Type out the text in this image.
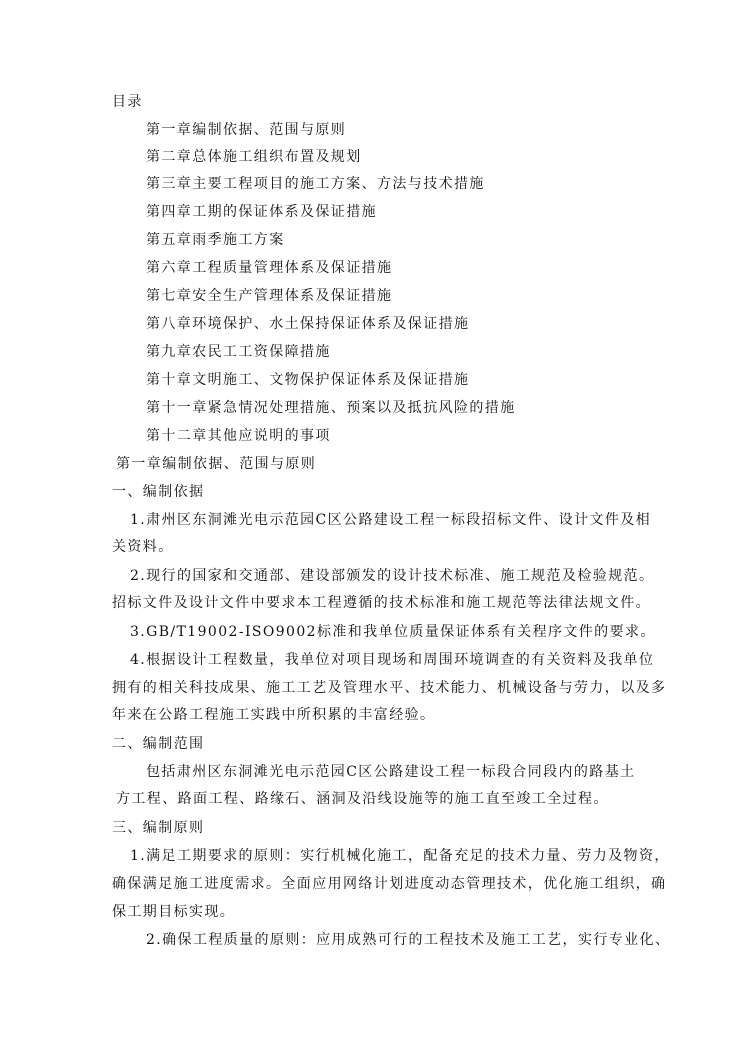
目录
第一章编制依据、范围与原则
第二章总体施工组织布置及规划
第三章主要工程项目的施工方案、方法与技术措施
第四章工期的保证体系及保证措施
第五章雨季施工方案
第六章工程质量管理体系及保证措施
第七章安全生产管理体系及保证措施
第八章环境保护、水土保持保证体系及保证措施
第九章农民工工资保障措施
第十章文明施工、文物保护保证体系及保证措施
第十一章紧急情况处理措施、预案以及抵抗风险的措施
第十二章其他应说明的事项
第一章编制依据、范围与原则
一、编制依据
1.肃州区东洞滩光电示范园C区公路建设工程一标段招标文件、设计文件及相
关资料。
2.现行的国家和交通部、建设部颁发的设计技术标准、施工规范及检验规范。
招标文件及设计文件中要求本工程遵循的技术标准和施工规范等法律法规文件。
3.GB/T19002-ISO9002标准和我单位质量保证体系有关程序文件的要求。
4.根据设计工程数量，我单位对项目现场和周围环境调查的有关资料及我单位
拥有的相关科技成果、施工工艺及管理水平、技术能力、机械设备与劳力，以及多
年来在公路工程施工实践中所积累的丰富经验。
二、编制范围
包括肃州区东洞滩光电示范园C区公路建设工程一标段合同段内的路基土
方工程、路面工程、路缘石、涵洞及沿线设施等的施工直至竣工全过程。
三、编制原则
1.满足工期要求的原则：实行机械化施工，配备充足的技术力量、劳力及物资，
确保满足施工进度需求。全面应用网络计划进度动态管理技术，优化施工组织，确
保工期目标实现。
2.确保工程质量的原则：应用成熟可行的工程技术及施工工艺，实行专业化、
